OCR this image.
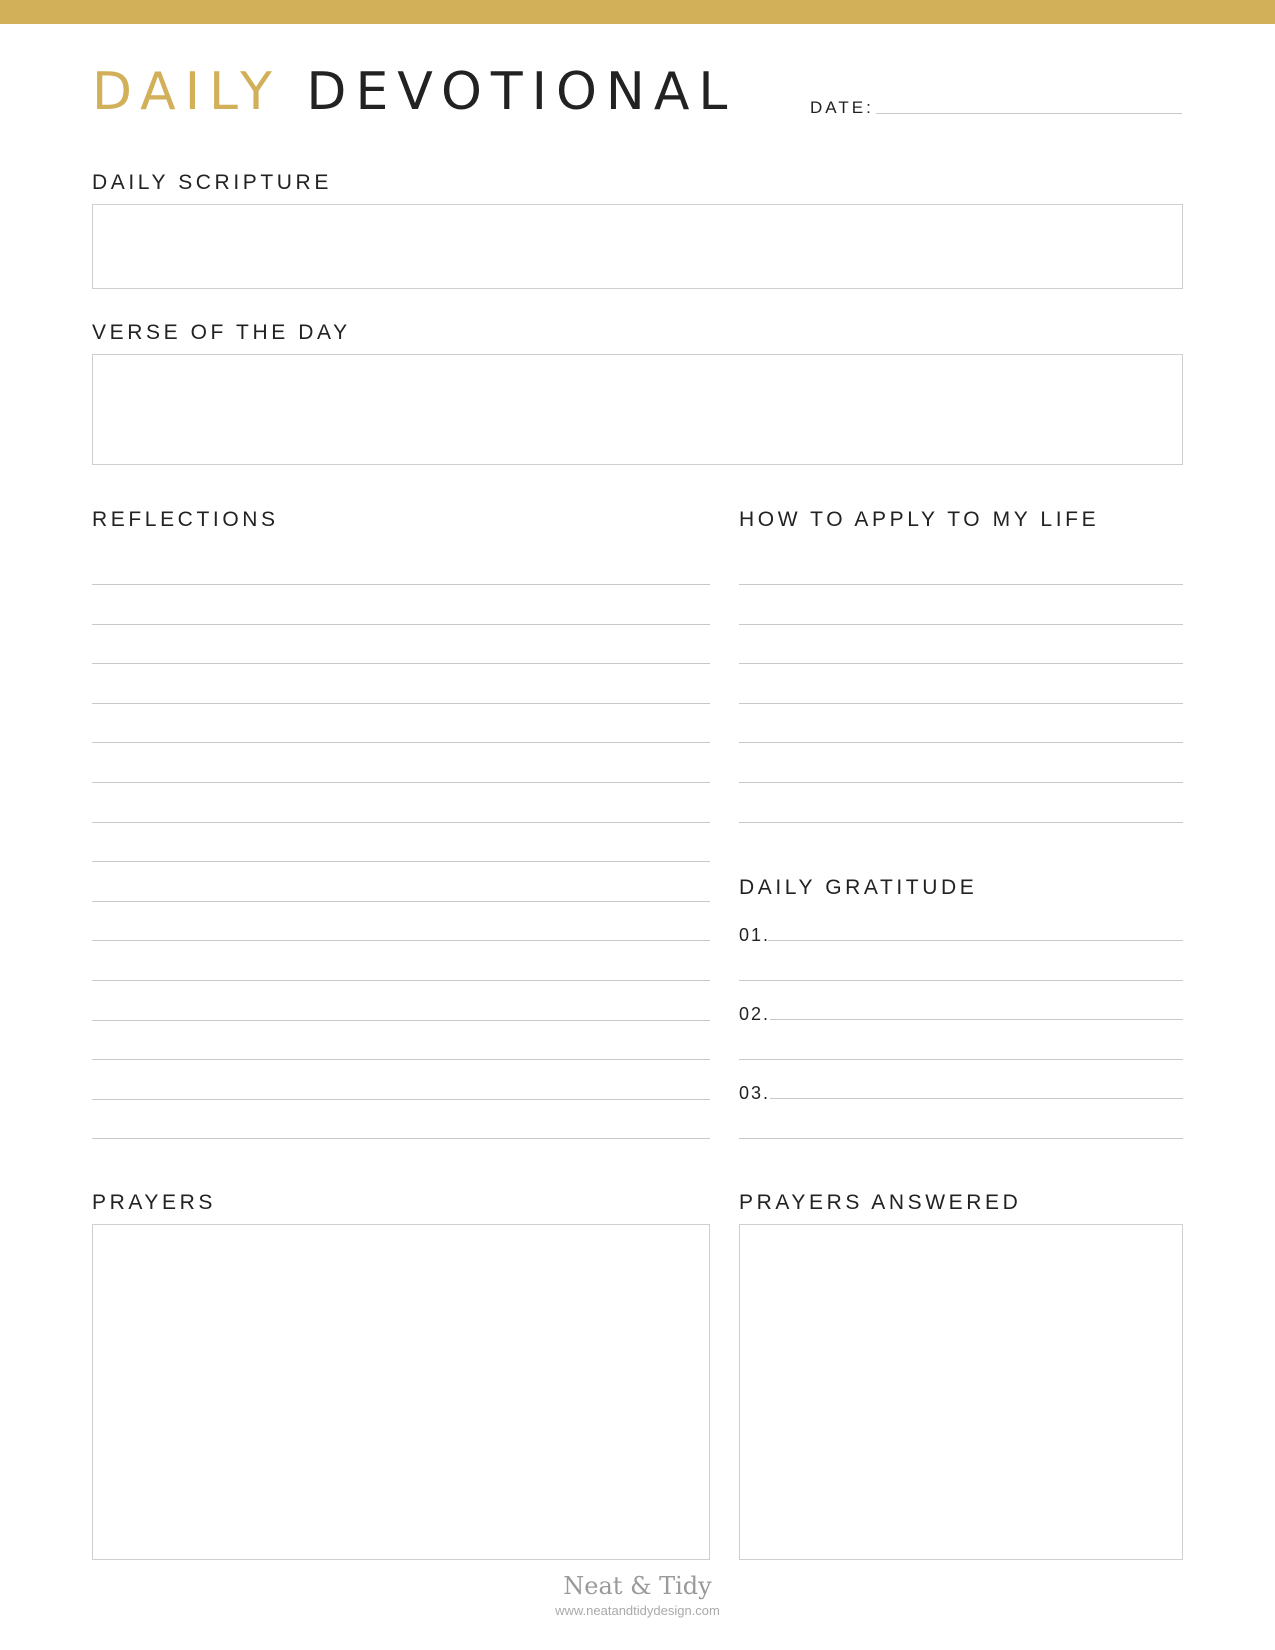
DAILY DEVOTIONAL	DATE:
DAILY SCRIPTURE
VERSE OF THE DAY
REFLECTIONS	HOW TO APPLY TO MY LIFE
DAILY GRATITUDE
01.
02.
03.
PRAYERS	PRAYERS ANSWERED
Neat & Tidy
www.neatandtidydesign.com
